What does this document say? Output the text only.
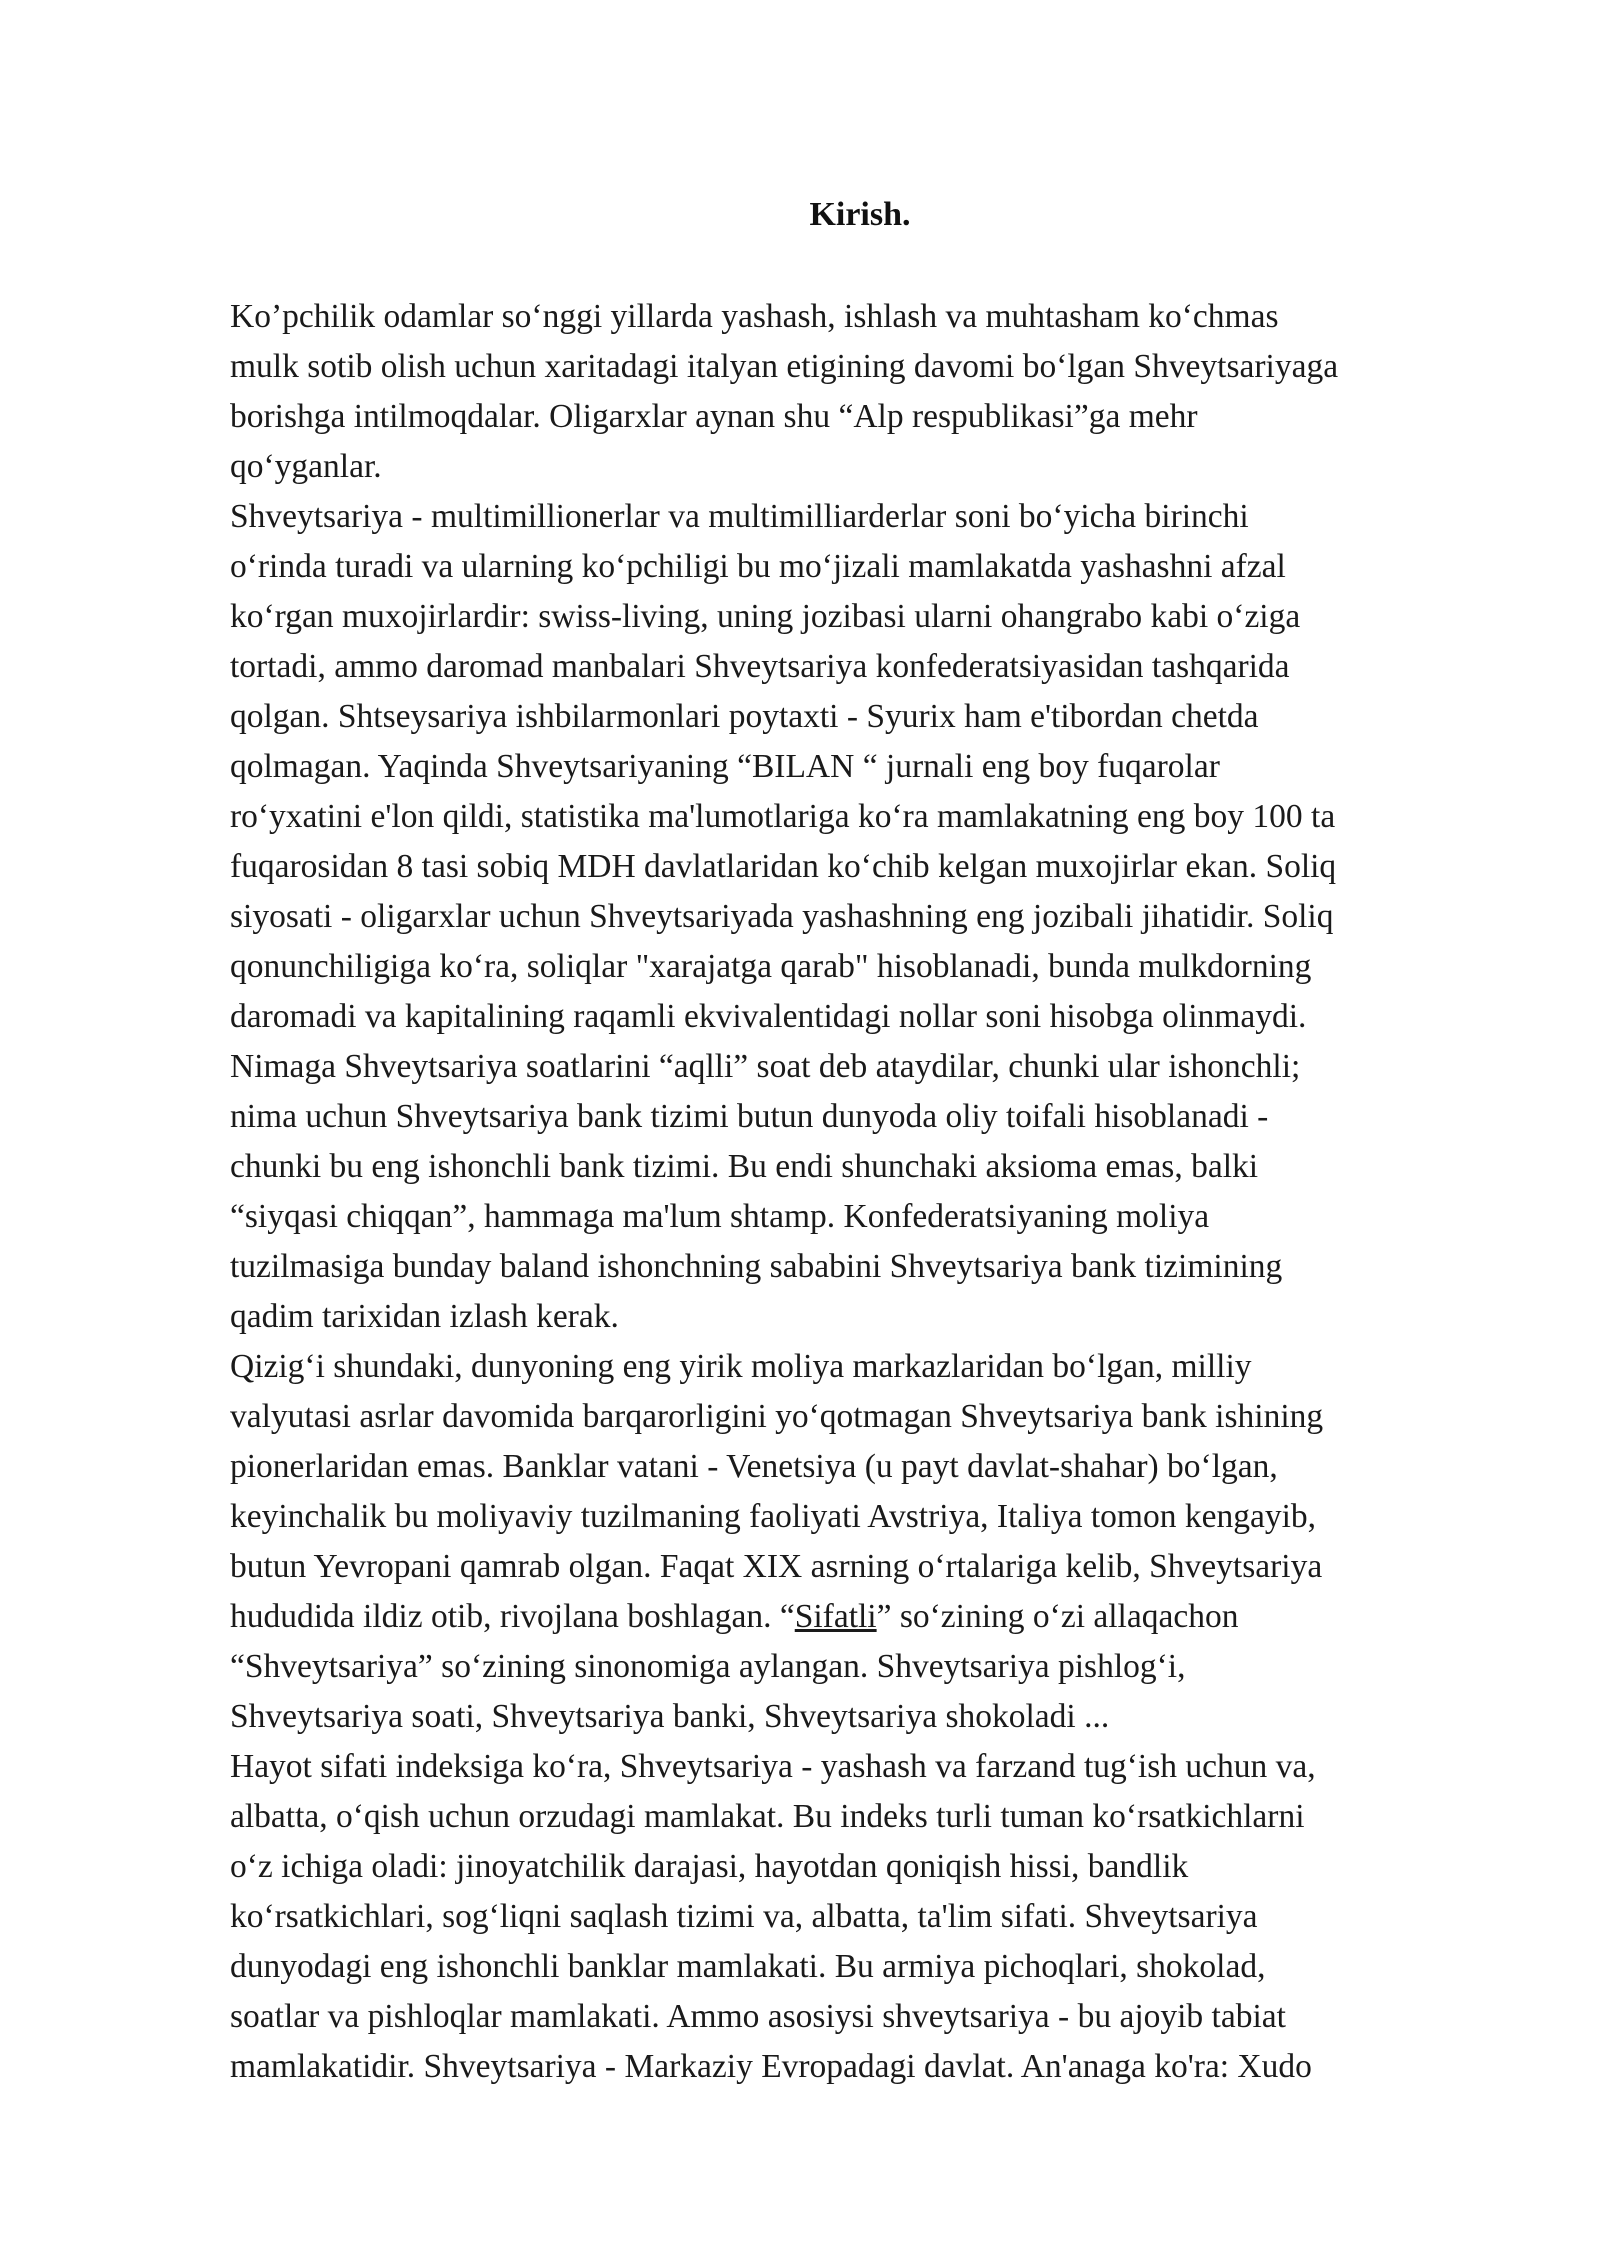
Kirish.
Ko’pchilik odamlar so‘nggi yillarda yashash, ishlash va muhtasham ko‘chmas
mulk sotib olish uchun xaritadagi italyan etigining davomi bo‘lgan Shveytsariyaga
borishga intilmoqdalar. Oligarxlar aynan shu “Alp respublikasi”ga mehr
qo‘yganlar.
Shveytsariya - multimillionerlar va multimilliarderlar soni bo‘yicha birinchi
o‘rinda turadi va ularning ko‘pchiligi bu mo‘jizali mamlakatda yashashni afzal
ko‘rgan muxojirlardir: swiss-living, uning jozibasi ularni ohangrabo kabi o‘ziga
tortadi, ammo daromad manbalari Shveytsariya konfederatsiyasidan tashqarida
qolgan. Shtseysariya ishbilarmonlari poytaxti - Syurix ham e'tibordan chetda
qolmagan. Yaqinda Shveytsariyaning “BILAN “ jurnali eng boy fuqarolar
ro‘yxatini e'lon qildi, statistika ma'lumotlariga ko‘ra mamlakatning eng boy 100 ta
fuqarosidan 8 tasi sobiq MDH davlatlaridan ko‘chib kelgan muxojirlar ekan. Soliq
siyosati - oligarxlar uchun Shveytsariyada yashashning eng jozibali jihatidir. Soliq
qonunchiligiga ko‘ra, soliqlar "xarajatga qarab" hisoblanadi, bunda mulkdorning
daromadi va kapitalining raqamli ekvivalentidagi nollar soni hisobga olinmaydi.
Nimaga Shveytsariya soatlarini “aqlli” soat deb ataydilar, chunki ular ishonchli;
nima uchun Shveytsariya bank tizimi butun dunyoda oliy toifali hisoblanadi -
chunki bu eng ishonchli bank tizimi. Bu endi shunchaki aksioma emas, balki
“siyqasi chiqqan”, hammaga ma'lum shtamp. Konfederatsiyaning moliya
tuzilmasiga bunday baland ishonchning sababini Shveytsariya bank tizimining
qadim tarixidan izlash kerak.
Qizig‘i shundaki, dunyoning eng yirik moliya markazlaridan bo‘lgan, milliy
valyutasi asrlar davomida barqarorligini yo‘qotmagan Shveytsariya bank ishining
pionerlaridan emas. Banklar vatani - Venetsiya (u payt davlat-shahar) bo‘lgan,
keyinchalik bu moliyaviy tuzilmaning faoliyati Avstriya, Italiya tomon kengayib,
butun Yevropani qamrab olgan. Faqat XIX asrning o‘rtalariga kelib, Shveytsariya
hududida ildiz otib, rivojlana boshlagan. “Sifatli” so‘zining o‘zi allaqachon
“Shveytsariya” so‘zining sinonomiga aylangan. Shveytsariya pishlog‘i,
Shveytsariya soati, Shveytsariya banki, Shveytsariya shokoladi ...
Hayot sifati indeksiga ko‘ra, Shveytsariya - yashash va farzand tug‘ish uchun va,
albatta, o‘qish uchun orzudagi mamlakat. Bu indeks turli tuman ko‘rsatkichlarni
o‘z ichiga oladi: jinoyatchilik darajasi, hayotdan qoniqish hissi, bandlik
ko‘rsatkichlari, sog‘liqni saqlash tizimi va, albatta, ta'lim sifati. Shveytsariya
dunyodagi eng ishonchli banklar mamlakati. Bu armiya pichoqlari, shokolad,
soatlar va pishloqlar mamlakati. Ammo asosiysi shveytsariya - bu ajoyib tabiat
mamlakatidir. Shveytsariya - Markaziy Evropadagi davlat. An'anaga ko'ra: Xudo
